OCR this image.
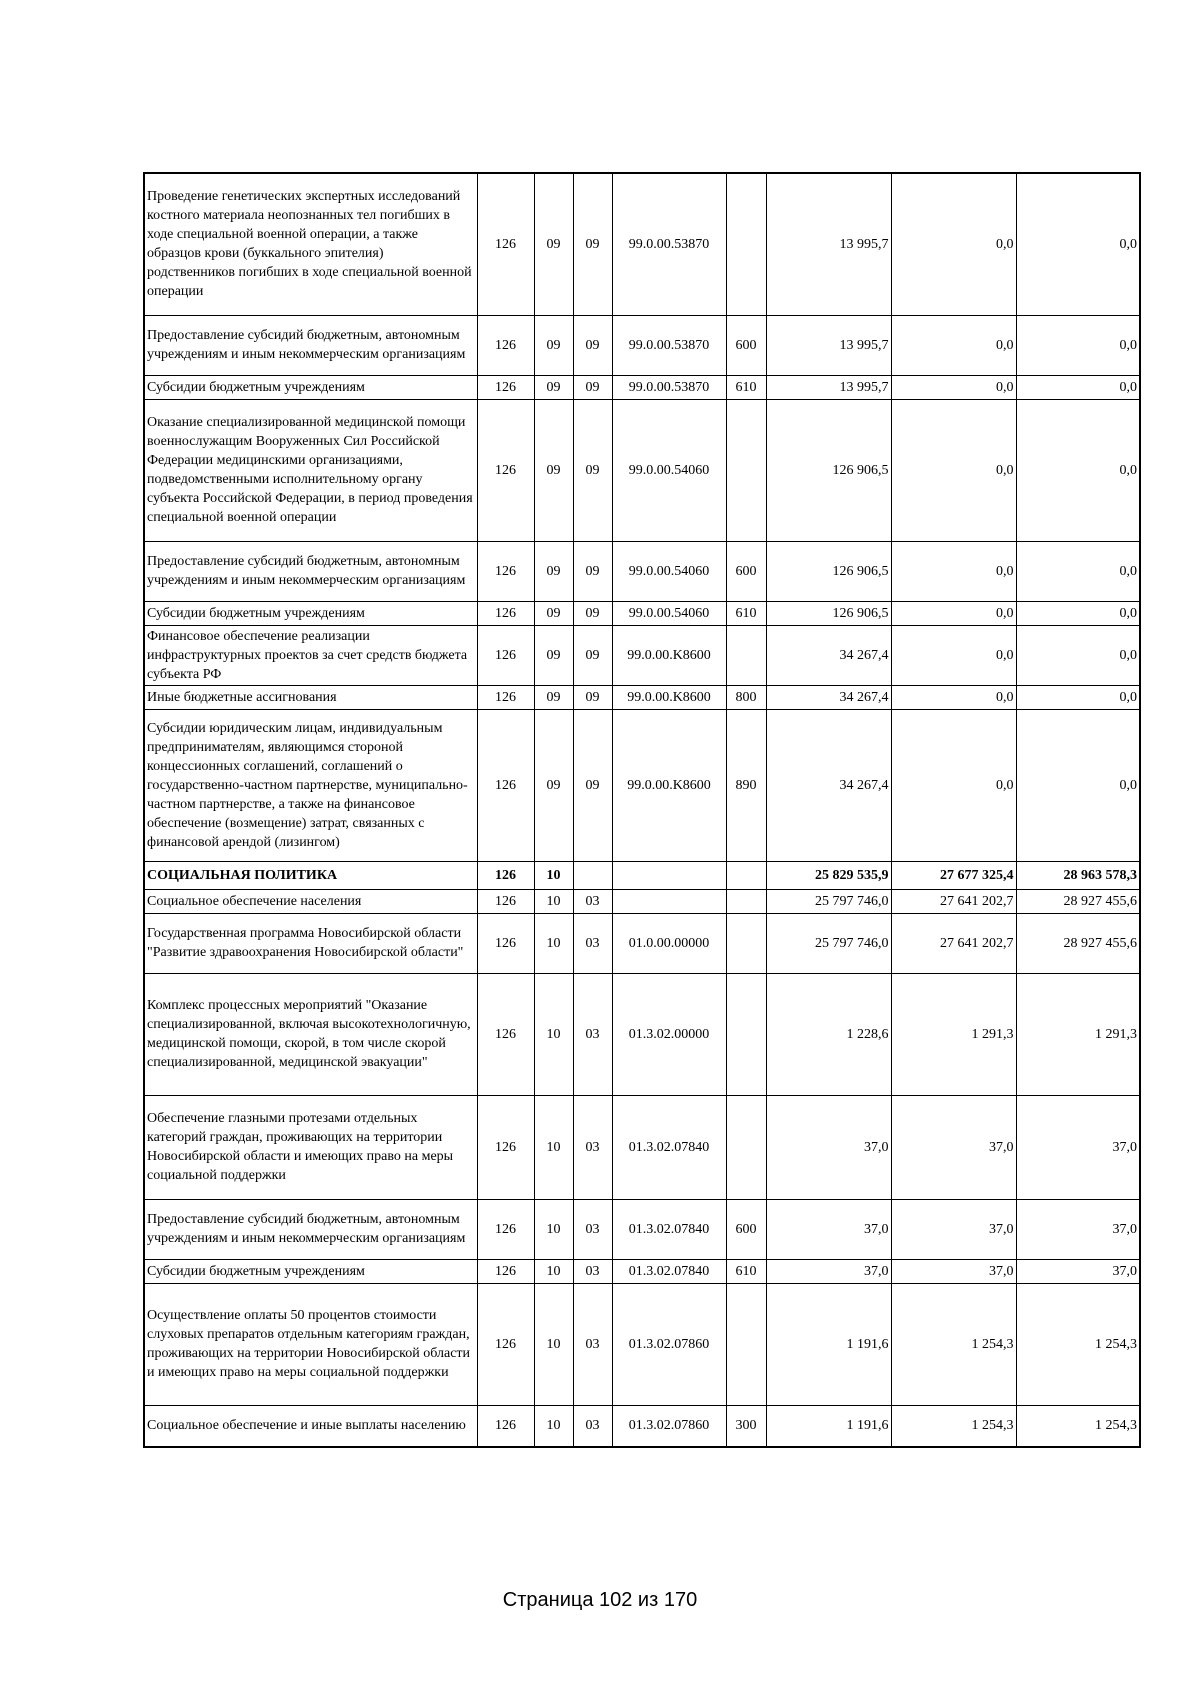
Проведение генетических экспертных исследований костного материала неопознанных тел погибших в ходе специальной военной операции, а также образцов крови (буккального эпителия) родственников погибших в ходе специальной военной операции	126	09	09	99.0.00.53870		13 995,7	0,0	0,0
Предоставление субсидий бюджетным, автономным учреждениям и иным некоммерческим организациям	126	09	09	99.0.00.53870	600	13 995,7	0,0	0,0
Субсидии бюджетным учреждениям	126	09	09	99.0.00.53870	610	13 995,7	0,0	0,0
Оказание специализированной медицинской помощи военнослужащим Вооруженных Сил Российской Федерации медицинскими организациями, подведомственными исполнительному органу субъекта Российской Федерации, в период проведения специальной военной операции	126	09	09	99.0.00.54060		126 906,5	0,0	0,0
Предоставление субсидий бюджетным, автономным учреждениям и иным некоммерческим организациям	126	09	09	99.0.00.54060	600	126 906,5	0,0	0,0
Субсидии бюджетным учреждениям	126	09	09	99.0.00.54060	610	126 906,5	0,0	0,0
Финансовое обеспечение реализации инфраструктурных проектов за счет средств бюджета субъекта РФ	126	09	09	99.0.00.K8600		34 267,4	0,0	0,0
Иные бюджетные ассигнования	126	09	09	99.0.00.K8600	800	34 267,4	0,0	0,0
Субсидии юридическим лицам, индивидуальным предпринимателям, являющимся стороной концессионных соглашений, соглашений о государственно-частном партнерстве, муниципально-частном партнерстве, а также на финансовое обеспечение (возмещение) затрат, связанных с финансовой арендой (лизингом)	126	09	09	99.0.00.K8600	890	34 267,4	0,0	0,0
СОЦИАЛЬНАЯ ПОЛИТИКА	126	10				25 829 535,9	27 677 325,4	28 963 578,3
Социальное обеспечение населения	126	10	03			25 797 746,0	27 641 202,7	28 927 455,6
Государственная программа Новосибирской области "Развитие здравоохранения Новосибирской области"	126	10	03	01.0.00.00000		25 797 746,0	27 641 202,7	28 927 455,6
Комплекс процессных мероприятий "Оказание специализированной, включая высокотехнологичную, медицинской помощи, скорой, в том числе скорой специализированной, медицинской эвакуации"	126	10	03	01.3.02.00000		1 228,6	1 291,3	1 291,3
Обеспечение глазными протезами отдельных категорий граждан, проживающих на территории Новосибирской области и имеющих право на меры социальной поддержки	126	10	03	01.3.02.07840		37,0	37,0	37,0
Предоставление субсидий бюджетным, автономным учреждениям и иным некоммерческим организациям	126	10	03	01.3.02.07840	600	37,0	37,0	37,0
Субсидии бюджетным учреждениям	126	10	03	01.3.02.07840	610	37,0	37,0	37,0
Осуществление оплаты 50 процентов стоимости слуховых препаратов отдельным категориям граждан, проживающих на территории Новосибирской области и имеющих право на меры социальной поддержки	126	10	03	01.3.02.07860		1 191,6	1 254,3	1 254,3
Социальное обеспечение и иные выплаты населению	126	10	03	01.3.02.07860	300	1 191,6	1 254,3	1 254,3
Страница 102 из 170
